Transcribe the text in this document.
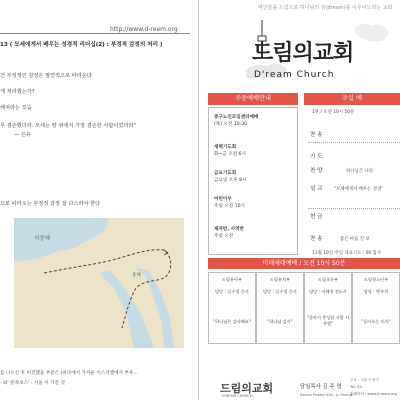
http://www.d-reem.org
13 ( 모세에게서 배우는 성경적 리더십(2) : 부정적 감정의 처리 )
건 부정적인 감정은 필연적으로 따라온다
게 처리했는가?
해져라는 모습
무 겸손했더라. 모세는 땅 위에서 가장 겸손한 사람이었더라"
— 은유
으로 따라오는 부정적 감정 잘 다스려야 한다
지중해
홍해
를 나오신 후 히진했을 부분은 (바다에서 가까운 이스라엘에서 부후...
- 와 '문목보스' - 서울 이 가진 것
먹인들을 드림으로 하나님의 꿈(dream)을 이루어드리는 교회
드림의교회
D'ream Church
주중예배안내	주일 예
중구노인모임센터예배
(목) 오전 10:30
새벽기도회
화~금 오전 6시
금요기도회
금요일 오후 8시
어린이부
주일 오전 10시
제자반, 사역반
주중 오전
1부 / 오전 10시 50분
찬 송
기 도
찬 양	하나님은 나의
설 교	"모세에게서 배우는 성경"
헌 금
찬 송	좋은 마음 길 보
11월 10일 주일 대표기도 : 00 집사
미래세대예배 / 오전 10시 50분
드림유아부
담당 : 김수정 간사
"하나님은 감사해요"
드림유치부
담당 : 김수정 간사
"하나님 감사"
드림초등부
담당 : 이혜정 전도사
"끝까지 충성한 사람 사무엘"
드림청소년부
담당 : 박주희
"돌아오는 의지"
드림의교회
D'REAM CHURCH
담임목사 김 주 영
Senior Pastor Kim, Ju Young
주소 : 서울시 중구
Tel. 02-
홈페이지 : www.d-reem.org
